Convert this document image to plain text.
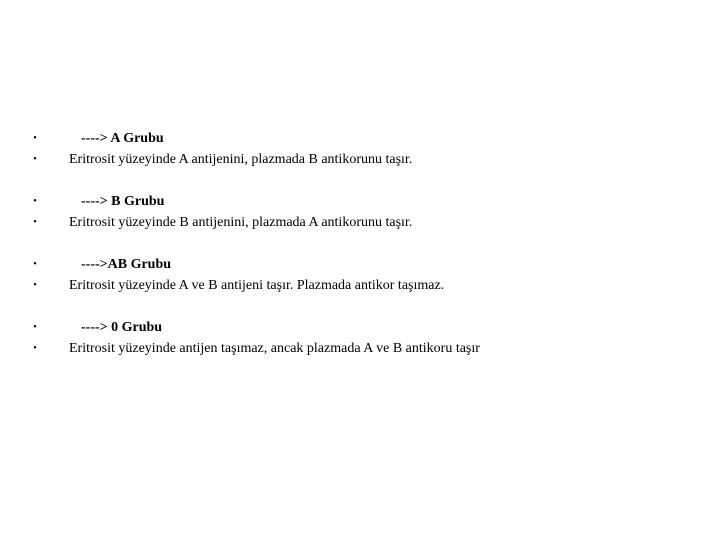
•	----> A Grubu
• Eritrosit yüzeyinde A antijenini, plazmada B antikorunu taşır.
•	----> B Grubu
• Eritrosit yüzeyinde B antijenini, plazmada A antikorunu taşır.
•	---->AB Grubu
• Eritrosit yüzeyinde A ve B antijeni taşır. Plazmada antikor taşımaz.
•	----> 0 Grubu
• Eritrosit yüzeyinde antijen taşımaz, ancak plazmada A ve B antikoru taşır
